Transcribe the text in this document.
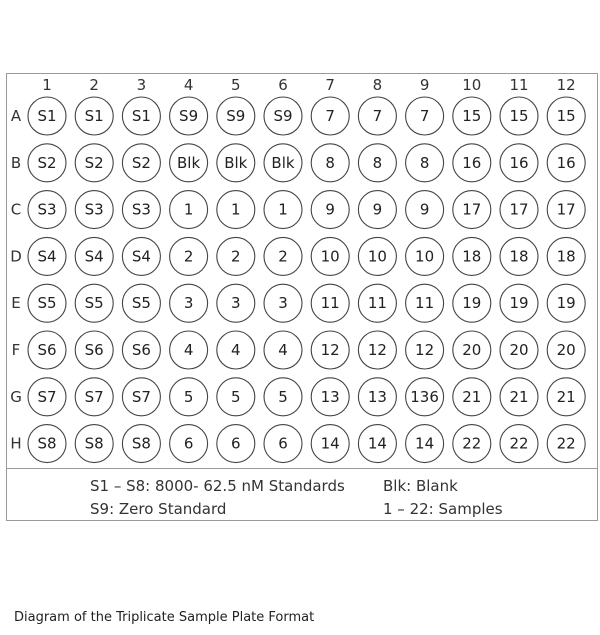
1	2	3	4	5	6	7	8	9 10 11 12
A S1 S1 S1 S9 S9 S9 7	7	7 15 15 15
B S2 S2 S2 Blk Blk Blk 8	8	8 16 16 16
C S3 S3 S3 1	1	1	9	9	9 17 17 17
D S4 S4 S4 2	2	2 10 10 10 18 18 18
E S5 S5 S5 3	3	3 11 11 11 19 19 19
F S6 S6 S6 4	4	4 12 12 12 20 20 20
G S7 S7 S7 5	5	5 13 13 136 21 21 21
H S8 S8 S8 6	6	6 14 14 14 22 22 22
S1 – S8: 8000- 62.5 nM Standards	Blk: Blank
S9: Zero Standard	1 – 22: Samples
Diagram of the Triplicate Sample Plate Format
